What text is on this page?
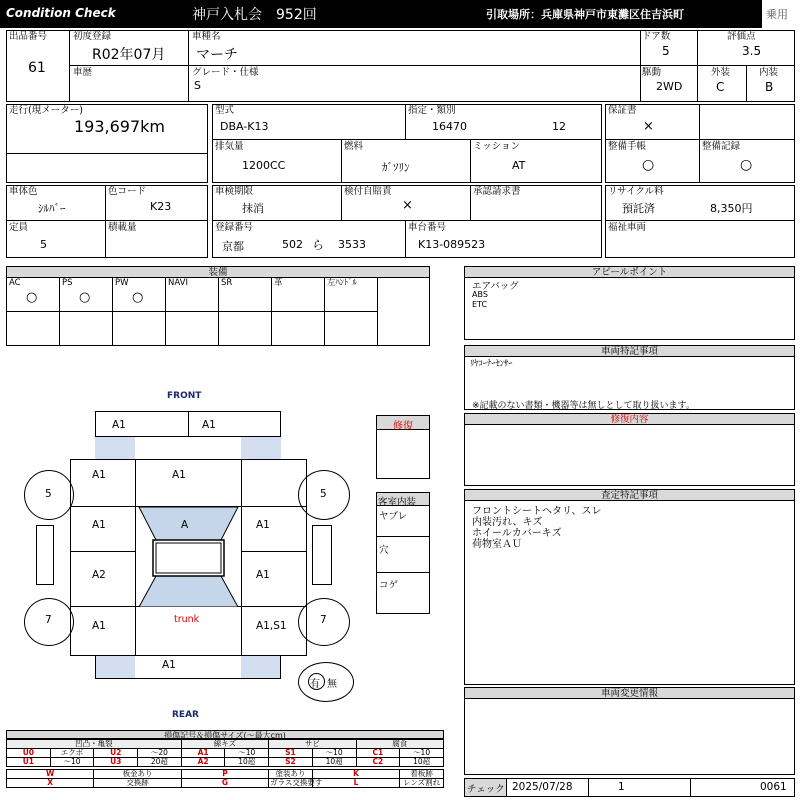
Condition Check	神戸入札会　952回	引取場所：兵庫県神戸市東灘区住吉浜町	乗用
出品番号
61
初度登録
R02年07月
車種名
マーチ
ドア数
5
評価点
3.5
車歴	グレード・仕様
S
駆動
2WD
外装
C
内装
B
走行(現メーター)
193,697km
型式
DBA-K13
指定・類別
16470	12
保証書
×
排気量
1200CC
燃料
ｶﾞｿﾘﾝ
ミッション
AT
整備手帳
○
整備記録
○
車体色
ｼﾙﾊﾞｰ
色コード
K23
車検期限
抹消
検付自賠責
×
承認請求書	リサイクル料
預託済	8,350円
定員
5
積載量	登録番号
京都	502 ら 3533
車台番号
K13-089523
福祉車両
装備
AC
○
PS
○
PW
○
NAVI	SR	革	左ﾊﾝﾄﾞﾙ
アピールポイント
エアバッグ
ABS
ETC
車両特記事項
ﾘﾔｺｰﾅｰｾﾝｻｰ
※記載のない書類・機器等は無しとして取り扱います。
修復内容
査定特記事項
フロントシートヘタリ、スレ
内装汚れ、キズ
ホイールカバーキズ
荷物室ＡＵ
車両変更情報
チェック 2025/07/28	1	0061
FRONT
REAR
A1	A1
A1	A1
A1	A1
A2	A1
A1
trunk
A1,S1
A1
A
5	5
7	7
有 無
修復
客室内装
ヤブレ
穴
コゲ
損傷記号＆損傷サイズ(～最大cm)
凹凸・亀裂				線キズ		サビ		腐食	
U0	エクボ	U2	～20	A1	～10	S1	～10	C1	～10
U1	～10	U3	20超	A2	10超	S2	10超	C2	10超

W		板金あり		P		塗装あり	K		着板跡
X		交換跡		G		ガラス交換要す	L		レンズ割れ
